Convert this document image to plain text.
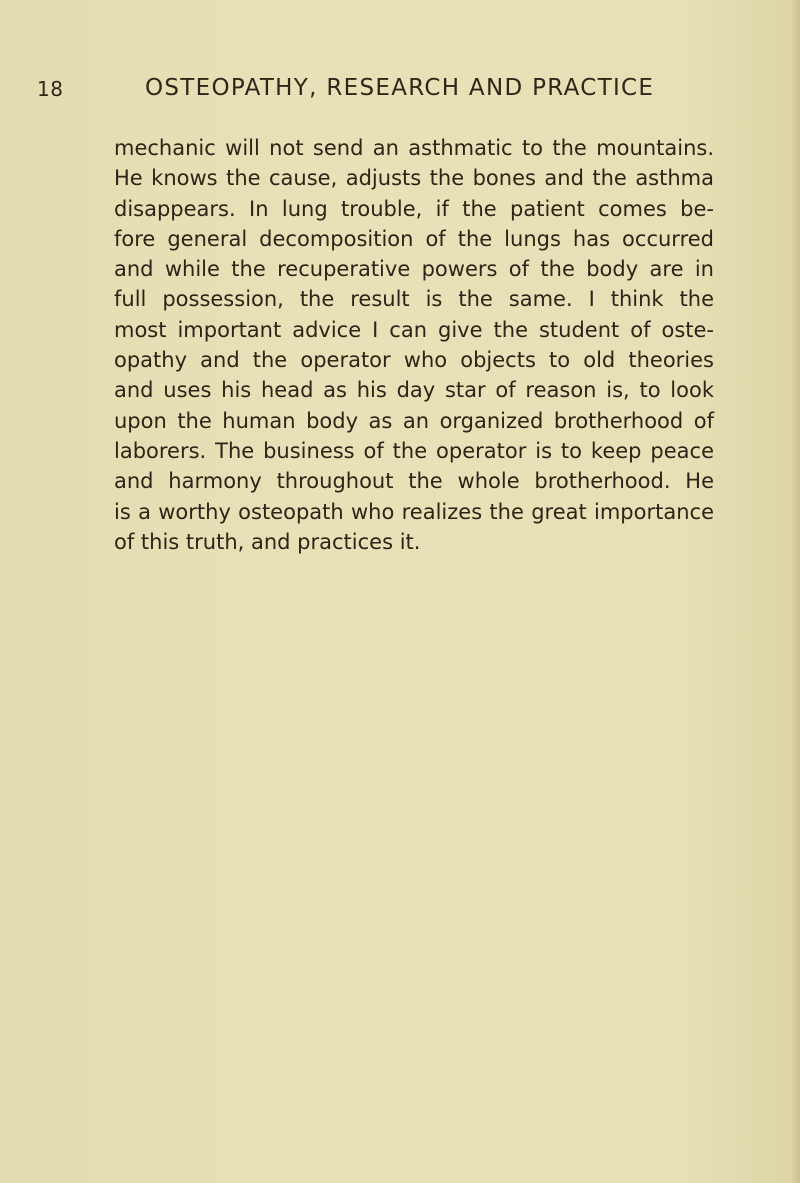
18	OSTEOPATHY, RESEARCH AND PRACTICE
mechanic will not send an asthmatic to the mountains.
He knows the cause, adjusts the bones and the asthma
disappears. In lung trouble, if the patient comes be-
fore general decomposition of the lungs has occurred
and while the recuperative powers of the body are in
full possession, the result is the same. I think the
most important advice I can give the student of oste-
opathy and the operator who objects to old theories
and uses his head as his day star of reason is, to look
upon the human body as an organized brotherhood of
laborers. The business of the operator is to keep peace
and harmony throughout the whole brotherhood. He
is a worthy osteopath who realizes the great importance
of this truth, and practices it.
